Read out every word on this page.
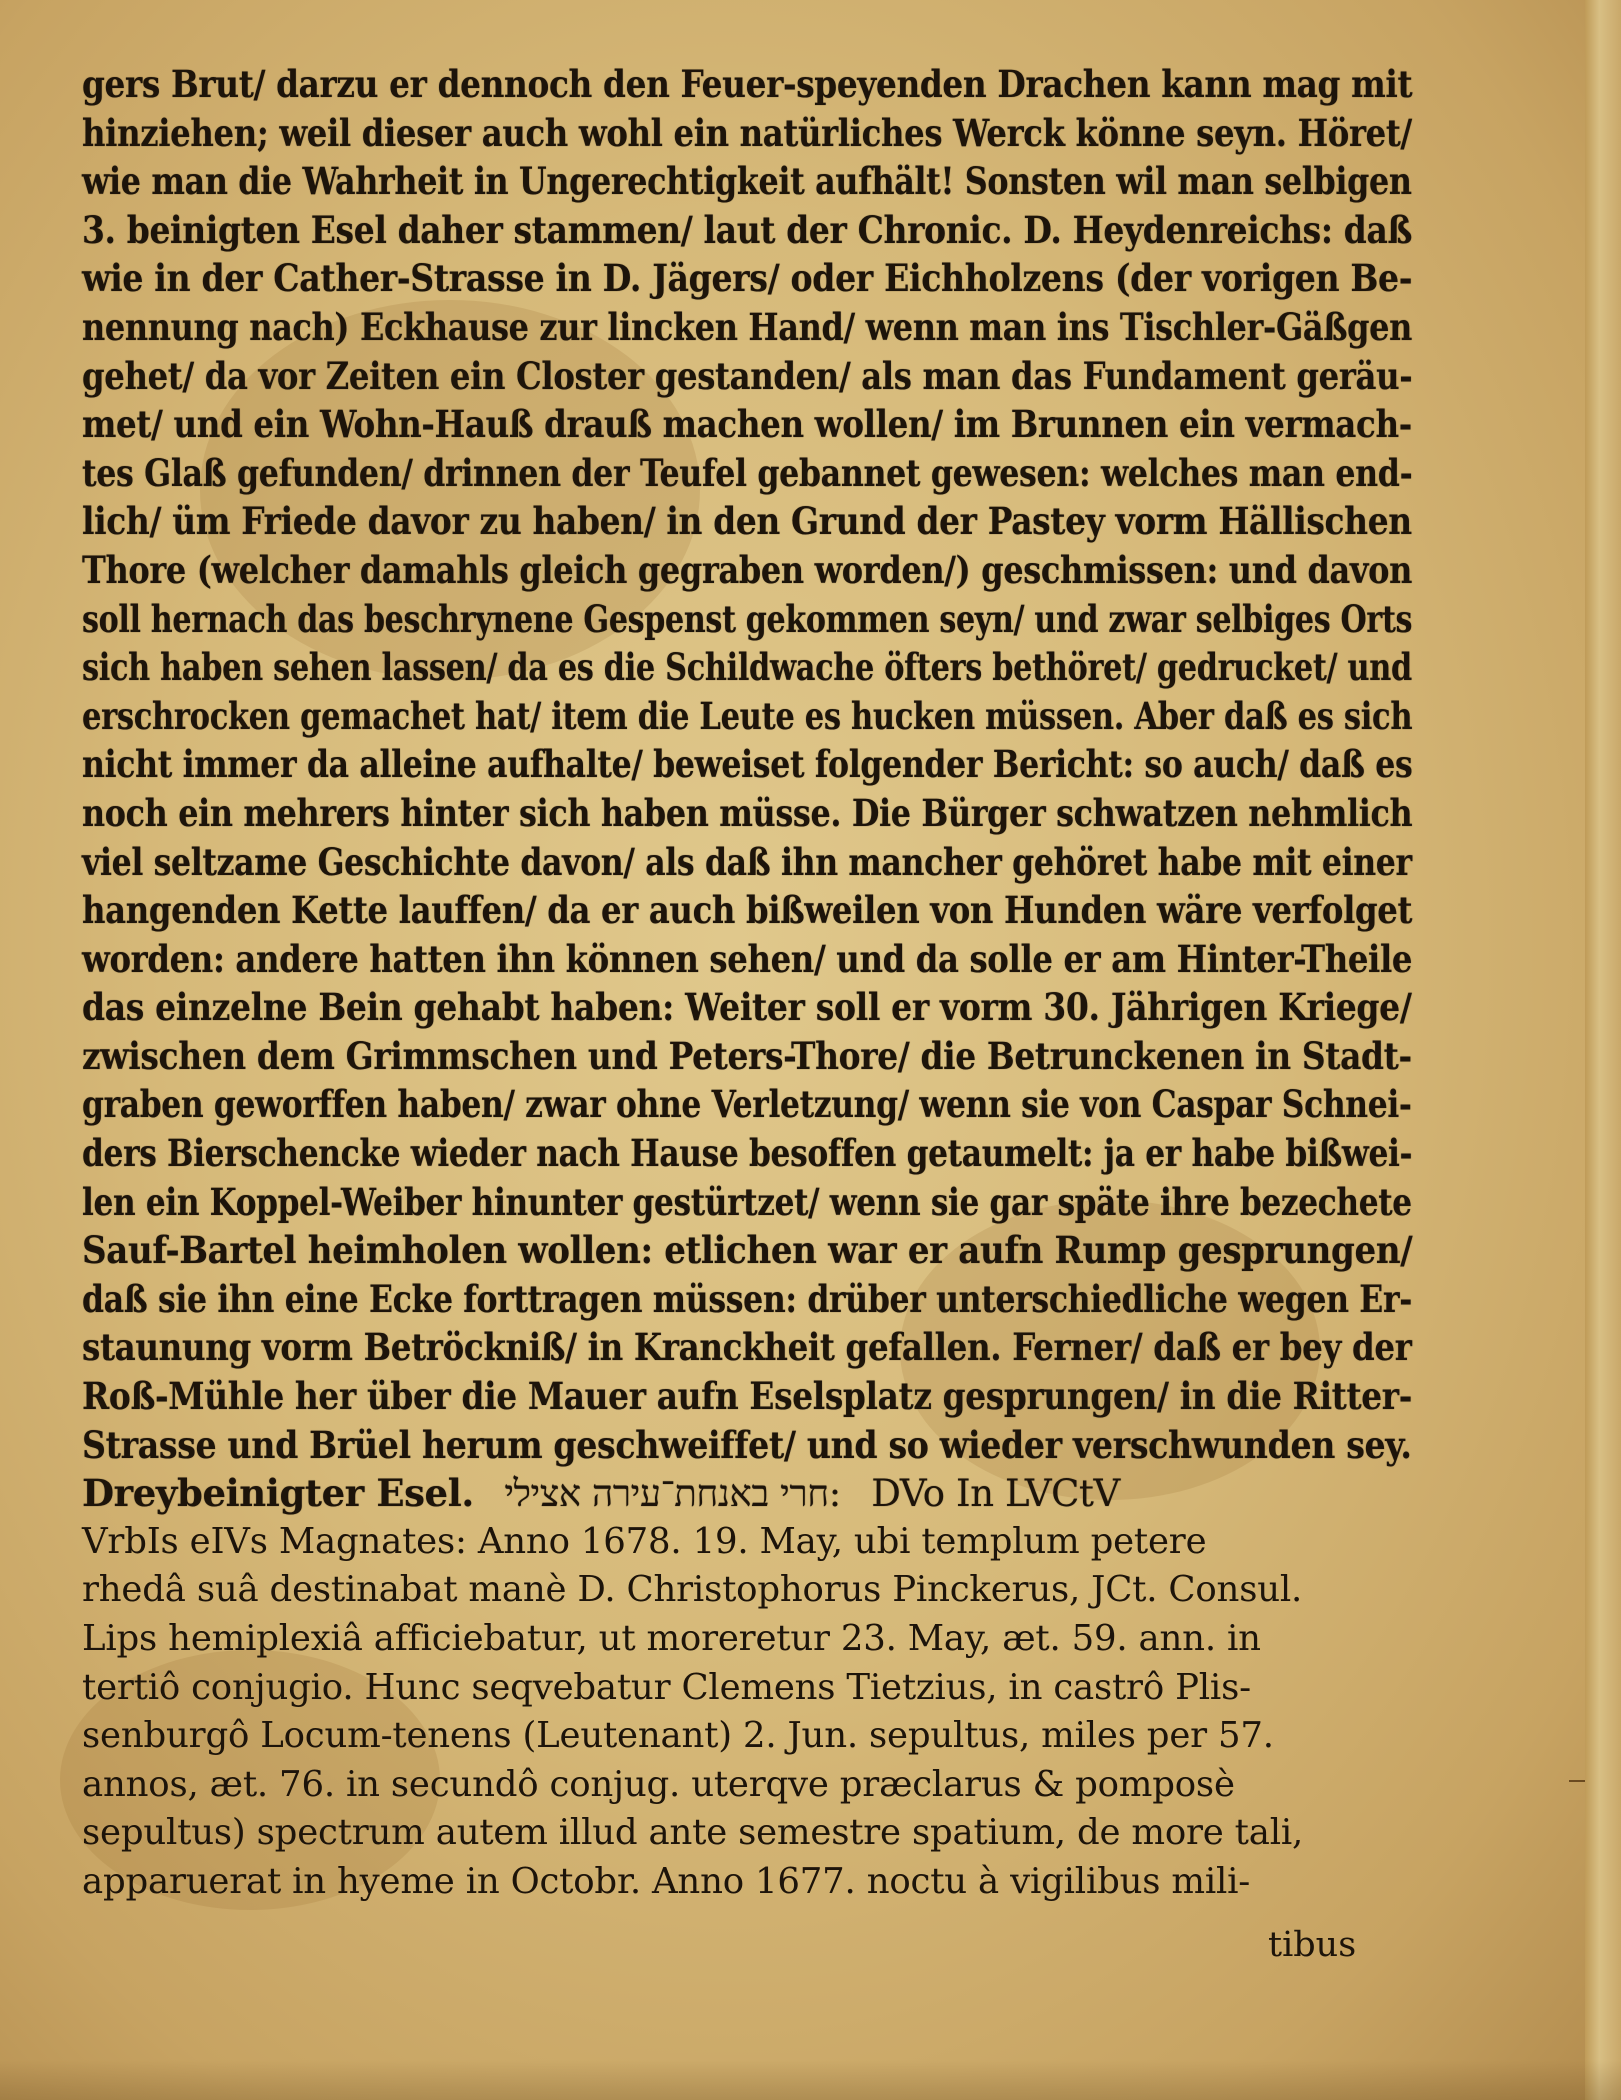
gers Brut/ darzu er dennoch den Feuer-speyenden Drachen kann mag mit
hinziehen; weil dieser auch wohl ein natürliches Werck könne seyn. Höret/
wie man die Wahrheit in Ungerechtigkeit aufhält! Sonsten wil man selbigen
3. beinigten Esel daher stammen/ laut der Chronic. D. Heydenreichs: daß
wie in der Cather-Strasse in D. Jägers/ oder Eichholzens (der vorigen Be-
nennung nach) Eckhause zur lincken Hand/ wenn man ins Tischler-Gäßgen
gehet/ da vor Zeiten ein Closter gestanden/ als man das Fundament geräu-
met/ und ein Wohn-Hauß drauß machen wollen/ im Brunnen ein vermach-
tes Glaß gefunden/ drinnen der Teufel gebannet gewesen: welches man end-
lich/ üm Friede davor zu haben/ in den Grund der Pastey vorm Hällischen
Thore (welcher damahls gleich gegraben worden/) geschmissen: und davon
soll hernach das beschrynene Gespenst gekommen seyn/ und zwar selbiges Orts
sich haben sehen lassen/ da es die Schildwache öfters bethöret/ gedrucket/ und
erschrocken gemachet hat/ item die Leute es hucken müssen. Aber daß es sich
nicht immer da alleine aufhalte/ beweiset folgender Bericht: so auch/ daß es
noch ein mehrers hinter sich haben müsse. Die Bürger schwatzen nehmlich
viel seltzame Geschichte davon/ als daß ihn mancher gehöret habe mit einer
hangenden Kette lauffen/ da er auch bißweilen von Hunden wäre verfolget
worden: andere hatten ihn können sehen/ und da solle er am Hinter-Theile
das einzelne Bein gehabt haben: Weiter soll er vorm 30. Jährigen Kriege/
zwischen dem Grimmschen und Peters-Thore/ die Betrunckenen in Stadt-
graben geworffen haben/ zwar ohne Verletzung/ wenn sie von Caspar Schnei-
ders Bierschencke wieder nach Hause besoffen getaumelt: ja er habe bißwei-
len ein Koppel-Weiber hinunter gestürtzet/ wenn sie gar späte ihre bezechete
Sauf-Bartel heimholen wollen: etlichen war er aufn Rump gesprungen/
daß sie ihn eine Ecke forttragen müssen: drüber unterschiedliche wegen Er-
staunung vorm Betröckniß/ in Kranckheit gefallen. Ferner/ daß er bey der
Roß-Mühle her über die Mauer aufn Eselsplatz gesprungen/ in die Ritter-
Strasse und Brüel herum geschweiffet/ und so wieder verschwunden sey.
Dreybeinigter Esel. :חרי באנחת־עירה אצילי DVo In LVCtV
VrbIs eIVs Magnates: Anno 1678. 19. May, ubi templum petere
rhedâ suâ destinabat manè D. Christophorus Pinckerus, JCt. Consul.
Lips hemiplexiâ afficiebatur, ut moreretur 23. May, æt. 59. ann. in
tertiô conjugio. Hunc seqvebatur Clemens Tietzius, in castrô Plis-
senburgô Locum-tenens (Leutenant) 2. Jun. sepultus, miles per 57.
annos, æt. 76. in secundô conjug. uterqve præclarus & pomposè
sepultus) spectrum autem illud ante semestre spatium, de more tali,
apparuerat in hyeme in Octobr. Anno 1677. noctu à vigilibus mili-
tibus
